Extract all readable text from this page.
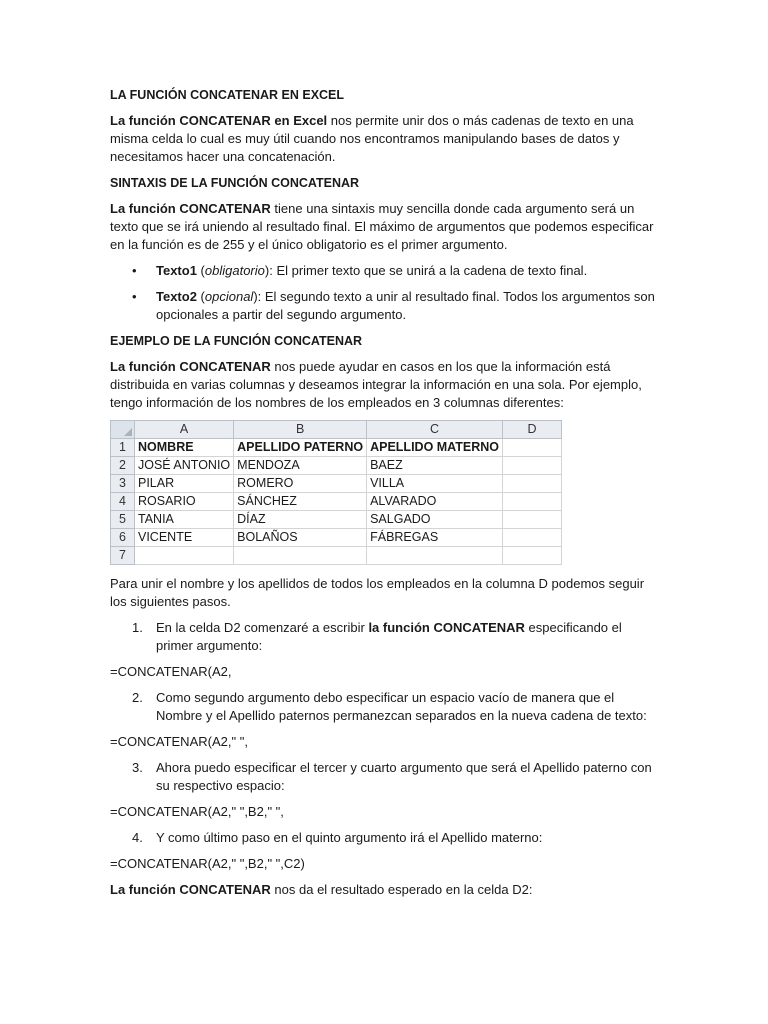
LA FUNCIÓN CONCATENAR EN EXCEL

La función CONCATENAR en Excel nos permite unir dos o más cadenas de texto en una misma celda lo cual es muy útil cuando nos encontramos manipulando bases de datos y necesitamos hacer una concatenación.

SINTAXIS DE LA FUNCIÓN CONCATENAR

La función CONCATENAR tiene una sintaxis muy sencilla donde cada argumento será un texto que se irá uniendo al resultado final. El máximo de argumentos que podemos especificar en la función es de 255 y el único obligatorio es el primer argumento.

• Texto1 (obligatorio): El primer texto que se unirá a la cadena de texto final.
• Texto2 (opcional): El segundo texto a unir al resultado final. Todos los argumentos son opcionales a partir del segundo argumento.
EJEMPLO DE LA FUNCIÓN CONCATENAR

La función CONCATENAR nos puede ayudar en casos en los que la información está distribuida en varias columnas y deseamos integrar la información en una sola. Por ejemplo, tengo información de los nombres de los empleados en 3 columnas diferentes:

	A	B	C	D
1	NOMBRE	APELLIDO PATERNO	APELLIDO MATERNO	
2	JOSÉ ANTONIO	MENDOZA	BAEZ	
3	PILAR	ROMERO	VILLA	
4	ROSARIO	SÁNCHEZ	ALVARADO	
5	TANIA	DÍAZ	SALGADO	
6	VICENTE	BOLAÑOS	FÁBREGAS	
7				

Para unir el nombre y los apellidos de todos los empleados en la columna D podemos seguir los siguientes pasos.

1. En la celda D2 comenzaré a escribir la función CONCATENAR especificando el primer argumento:

=CONCATENAR(A2,

2. Como segundo argumento debo especificar un espacio vacío de manera que el Nombre y el Apellido paternos permanezcan separados en la nueva cadena de texto:

=CONCATENAR(A2," ",

3. Ahora puedo especificar el tercer y cuarto argumento que será el Apellido paterno con su respectivo espacio:

=CONCATENAR(A2," ",B2," ",

4. Y como último paso en el quinto argumento irá el Apellido materno:

=CONCATENAR(A2," ",B2," ",C2)

La función CONCATENAR nos da el resultado esperado en la celda D2:
